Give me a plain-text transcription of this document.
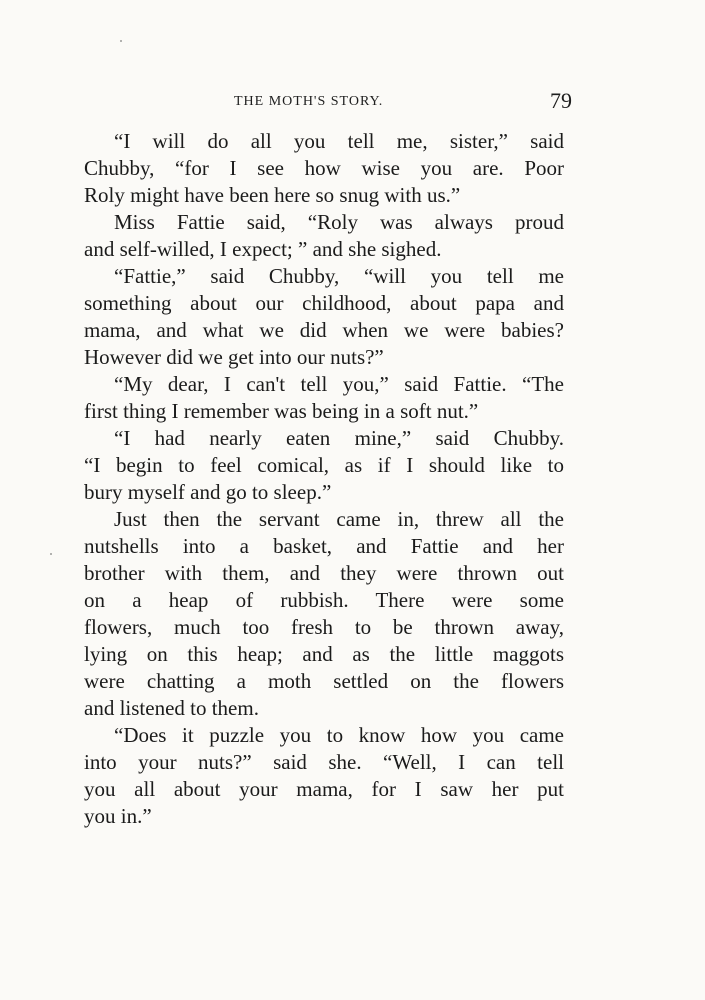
THE MOTH'S STORY.	79
“I will do all you tell me, sister,” said
Chubby, “for I see how wise you are. Poor
Roly might have been here so snug with us.”
Miss Fattie said, “Roly was always proud
and self-willed, I expect; ” and she sighed.
“Fattie,” said Chubby, “will you tell me
something about our childhood, about papa and
mama, and what we did when we were babies?
However did we get into our nuts?”
“My dear, I can't tell you,” said Fattie. “The
first thing I remember was being in a soft nut.”
“I had nearly eaten mine,” said Chubby.
“I begin to feel comical, as if I should like to
bury myself and go to sleep.”
Just then the servant came in, threw all the
nutshells into a basket, and Fattie and her
brother with them, and they were thrown out
on a heap of rubbish. There were some
flowers, much too fresh to be thrown away,
lying on this heap; and as the little maggots
were chatting a moth settled on the flowers
and listened to them.
“Does it puzzle you to know how you came
into your nuts?” said she. “Well, I can tell
you all about your mama, for I saw her put
you in.”
